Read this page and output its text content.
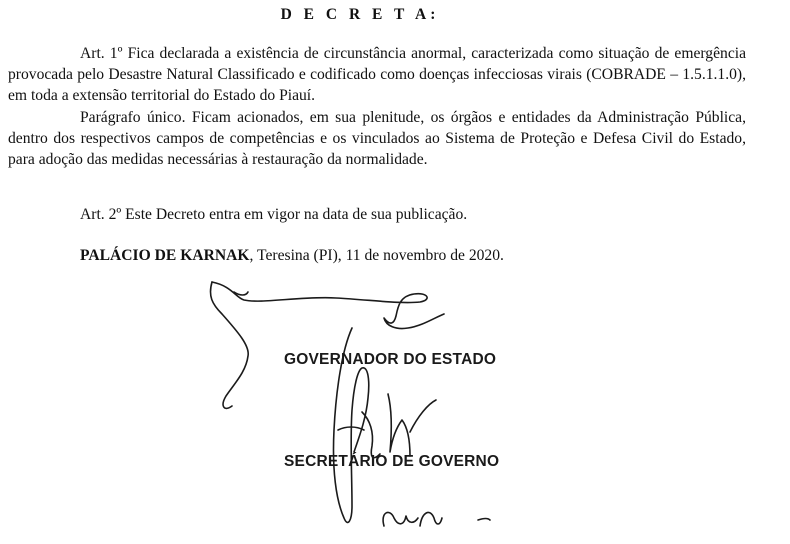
D E C R E T A:
Art. 1º Fica declarada a existência de circunstância anormal, caracterizada como situação de emergência provocada pelo Desastre Natural Classificado e codificado como doenças infecciosas virais (COBRADE – 1.5.1.1.0), em toda a extensão territorial do Estado do Piauí.
Parágrafo único. Ficam acionados, em sua plenitude, os órgãos e entidades da Administração Pública, dentro dos respectivos campos de competências e os vinculados ao Sistema de Proteção e Defesa Civil do Estado, para adoção das medidas necessárias à restauração da normalidade.
Art. 2º Este Decreto entra em vigor na data de sua publicação.
PALÁCIO DE KARNAK, Teresina (PI), 11 de novembro de 2020.
GOVERNADOR DO ESTADO
SECRETÁRIO DE GOVERNO
